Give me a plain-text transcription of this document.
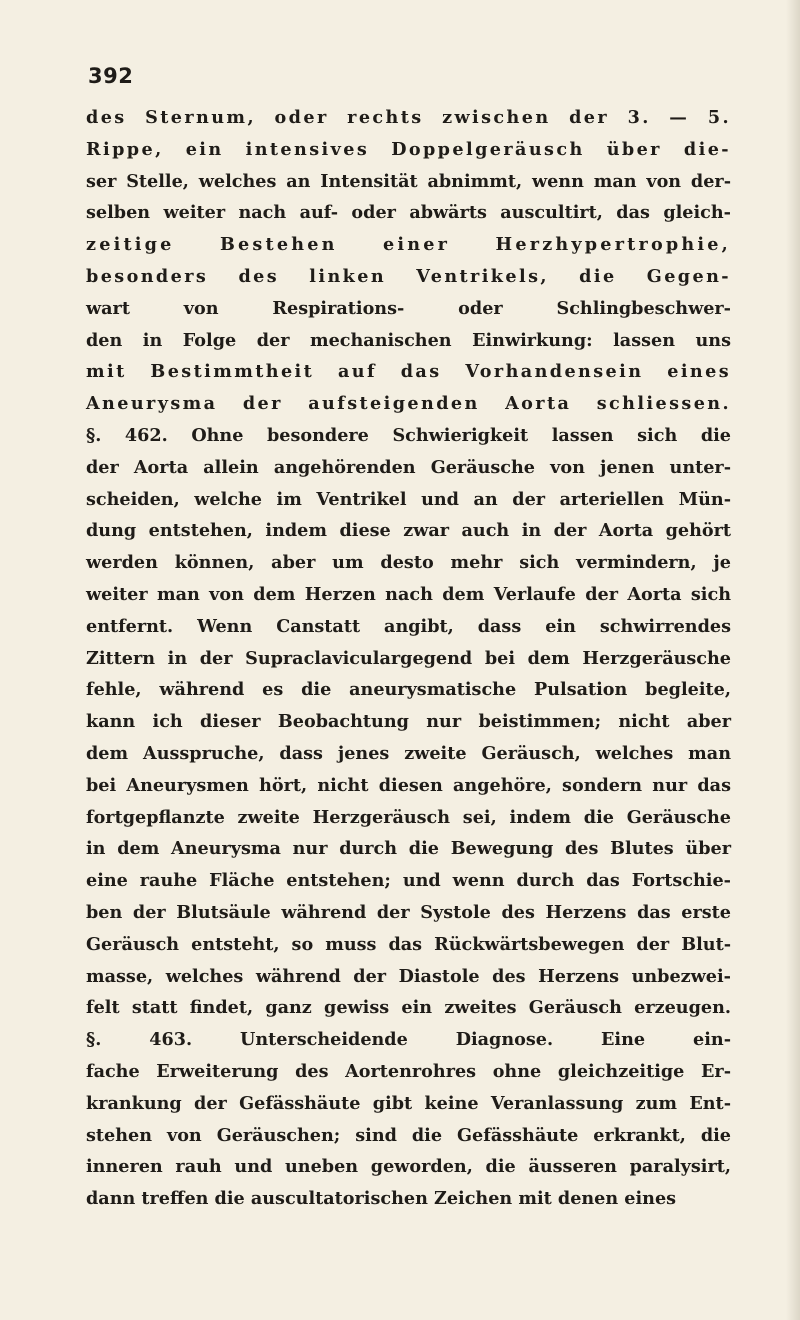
392
des Sternum, oder rechts zwischen der 3. — 5.
Rippe, ein intensives Doppelgeräusch über die-
ser Stelle, welches an Intensität abnimmt, wenn man von der-
selben weiter nach auf- oder abwärts auscultirt, das gleich-
zeitige Bestehen einer Herzhypertrophie,
besonders des linken Ventrikels, die Gegen-
wart von Respirations- oder Schlingbeschwer-
den in Folge der mechanischen Einwirkung: lassen uns
mit Bestimmtheit auf das Vorhandensein eines
Aneurysma der aufsteigenden Aorta schliessen.
§. 462. Ohne besondere Schwierigkeit lassen sich die
der Aorta allein angehörenden Geräusche von jenen unter-
scheiden, welche im Ventrikel und an der arteriellen Mün-
dung entstehen, indem diese zwar auch in der Aorta gehört
werden können, aber um desto mehr sich vermindern, je
weiter man von dem Herzen nach dem Verlaufe der Aorta sich
entfernt. Wenn Canstatt angibt, dass ein schwirrendes
Zittern in der Supraclaviculargegend bei dem Herzgeräusche
fehle, während es die aneurysmatische Pulsation begleite,
kann ich dieser Beobachtung nur beistimmen; nicht aber
dem Ausspruche, dass jenes zweite Geräusch, welches man
bei Aneurysmen hört, nicht diesen angehöre, sondern nur das
fortgepflanzte zweite Herzgeräusch sei, indem die Geräusche
in dem Aneurysma nur durch die Bewegung des Blutes über
eine rauhe Fläche entstehen; und wenn durch das Fortschie-
ben der Blutsäule während der Systole des Herzens das erste
Geräusch entsteht, so muss das Rückwärtsbewegen der Blut-
masse, welches während der Diastole des Herzens unbezwei-
felt statt findet, ganz gewiss ein zweites Geräusch erzeugen.
§. 463. Unterscheidende Diagnose. Eine ein-
fache Erweiterung des Aortenrohres ohne gleichzeitige Er-
krankung der Gefässhäute gibt keine Veranlassung zum Ent-
stehen von Geräuschen; sind die Gefässhäute erkrankt, die
inneren rauh und uneben geworden, die äusseren paralysirt,
dann treffen die auscultatorischen Zeichen mit denen eines
